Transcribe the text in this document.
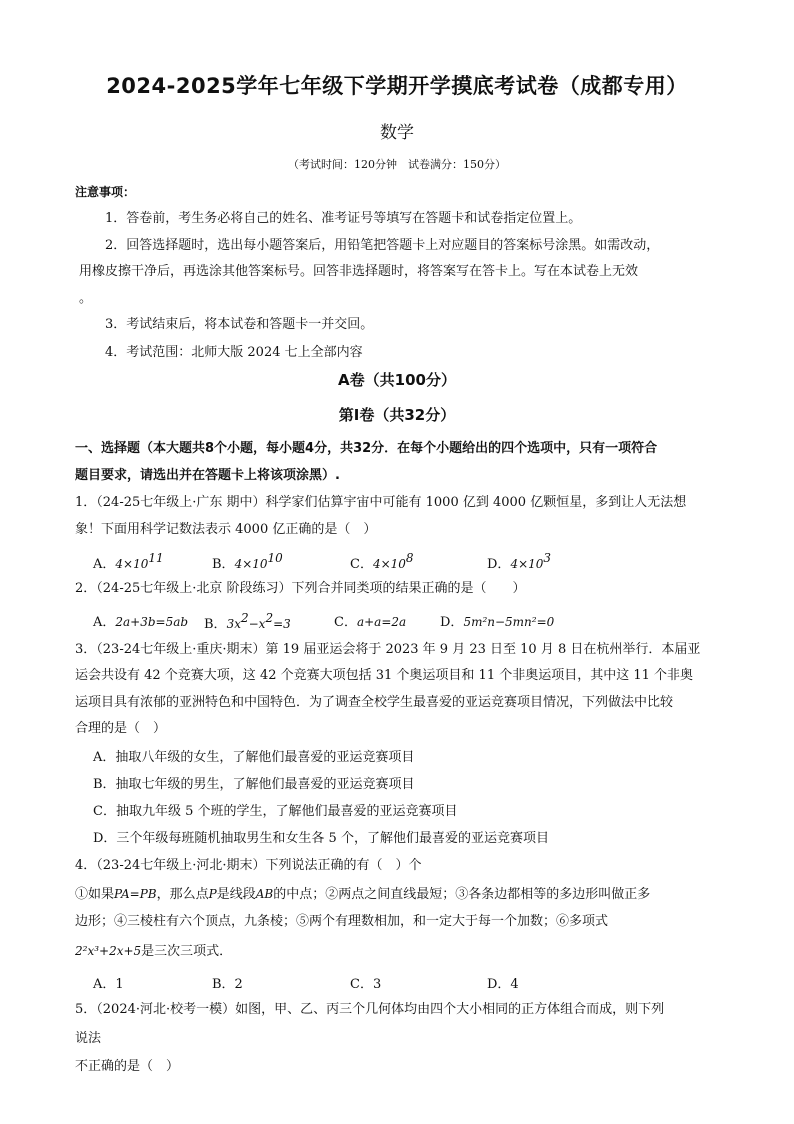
2024-2025学年七年级下学期开学摸底考试卷（成都专用）
数学
（考试时间：120分钟　试卷满分：150分）
注意事项：
1．答卷前，考生务必将自己的姓名、准考证号等填写在答题卡和试卷指定位置上。
2．回答选择题时，选出每小题答案后，用铅笔把答题卡上对应题目的答案标号涂黑。如需改动，
用橡皮擦干净后，再选涂其他答案标号。回答非选择题时，将答案写在答卡上。写在本试卷上无效
。
3．考试结束后，将本试卷和答题卡一并交回。
4．考试范围：北师大版 2024 七上全部内容
A卷（共100分）
第Ⅰ卷（共32分）
一、选择题（本大题共8个小题，每小题4分，共32分．在每个小题给出的四个选项中，只有一项符合
题目要求，请选出并在答题卡上将该项涂黑）.
1．（24-25七年级上·广东 期中）科学家们估算宇宙中可能有 1000 亿到 4000 亿颗恒星，多到让人无法想
象！下面用科学记数法表示 4000 亿正确的是（　）
A．$4\times 10^{11}$	B．$4\times 10^{10}$	C．$4\times 10^8$	D．$4\times 10^3$
2．（24-25七年级上·北京 阶段练习）下列合并同类项的结果正确的是（　　）
A．2a+3b=5ab B．$3x^2-x^2=3$	C．a+a=2a	D．5m²n−5mn²=0
3．（23-24七年级上·重庆·期末）第 19 届亚运会将于 2023 年 9 月 23 日至 10 月 8 日在杭州举行．本届亚
运会共设有 42 个竞赛大项，这 42 个竞赛大项包括 31 个奥运项目和 11 个非奥运项目，其中这 11 个非奥
运项目具有浓郁的亚洲特色和中国特色．为了调查全校学生最喜爱的亚运竞赛项目情况，下列做法中比较
合理的是（　）
A．抽取八年级的女生，了解他们最喜爱的亚运竞赛项目
B．抽取七年级的男生，了解他们最喜爱的亚运竞赛项目
C．抽取九年级 5 个班的学生，了解他们最喜爱的亚运竞赛项目
D．三个年级每班随机抽取男生和女生各 5 个，了解他们最喜爱的亚运竞赛项目
4．（23-24七年级上·河北·期末）下列说法正确的有（　）个
①如果PA=PB，那么点P是线段AB的中点；②两点之间直线最短；③各条边都相等的多边形叫做正多
边形；④三棱柱有六个顶点，九条棱；⑤两个有理数相加，和一定大于每一个加数；⑥多项式
2²x³+2x+5是三次三项式．
A．1	B．2	C．3	D．4
5．（2024·河北·校考一模）如图，甲、乙、丙三个几何体均由四个大小相同的正方体组合而成，则下列
说法
不正确的是（　）
